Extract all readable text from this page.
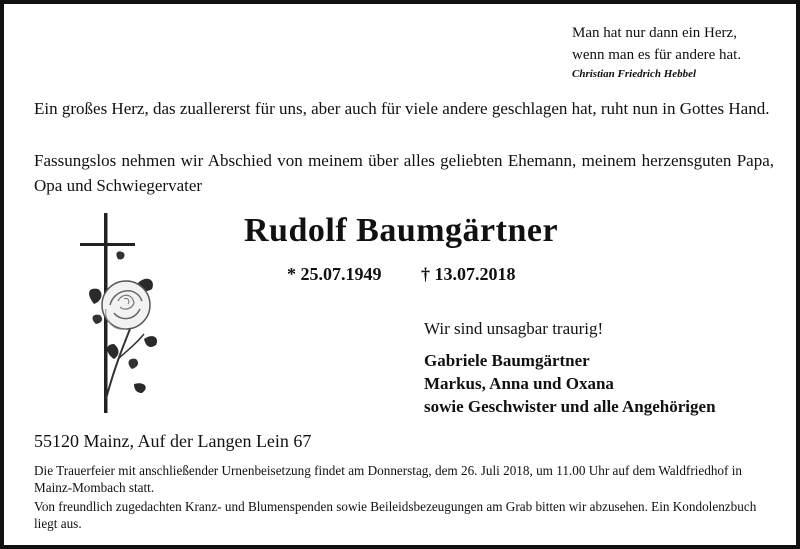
Man hat nur dann ein Herz,
wenn man es für andere hat.
Christian Friedrich Hebbel
Ein großes Herz, das zuallererst für uns, aber auch für viele andere geschlagen hat, ruht nun in Gottes Hand.
Fassungslos nehmen wir Abschied von meinem über alles geliebten Ehemann, meinem herzensguten Papa, Opa und Schwiegervater
Rudolf Baumgärtner
* 25.07.1949 † 13.07.2018
Wir sind unsagbar traurig!
Gabriele Baumgärtner
Markus, Anna und Oxana
sowie Geschwister und alle Angehörigen
55120 Mainz, Auf der Langen Lein 67
Die Trauerfeier mit anschließender Urnenbeisetzung findet am Donnerstag, dem 26. Juli 2018, um 11.00 Uhr auf dem Waldfriedhof in Mainz-Mombach statt.
Von freundlich zugedachten Kranz- und Blumenspenden sowie Beileidsbezeugungen am Grab bitten wir abzusehen. Ein Kondolenzbuch liegt aus.
